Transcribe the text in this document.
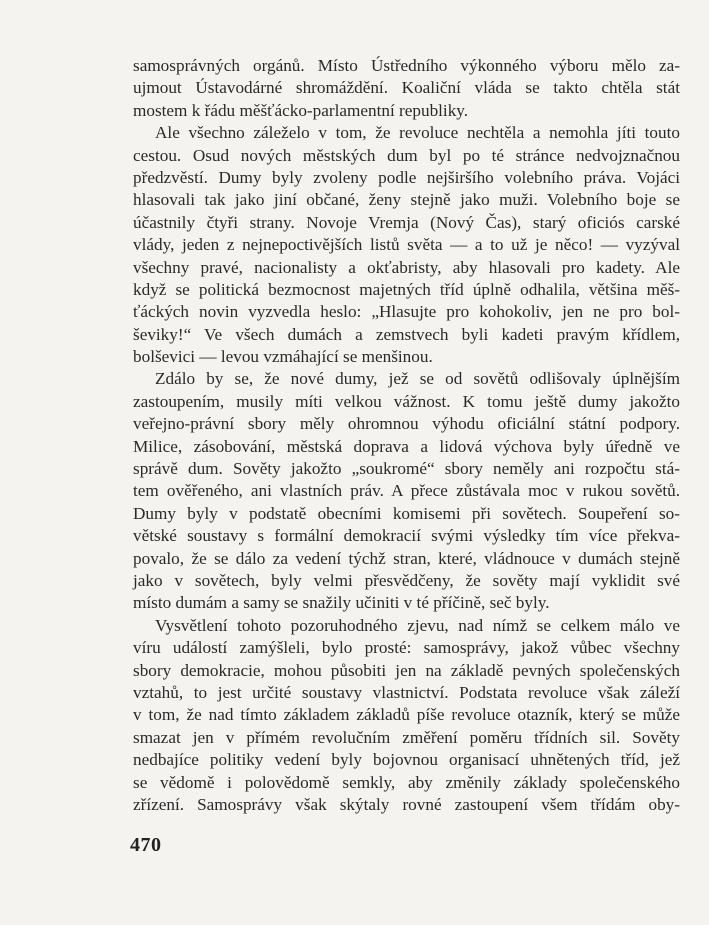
samosprávných orgánů. Místo Ústředního výkonného výboru mělo za-
ujmout Ústavodárné shromáždění. Koaliční vláda se takto chtěla stát
mostem k řádu měšťácko-parlamentní republiky.
Ale všechno záleželo v tom, že revoluce nechtěla a nemohla jíti touto
cestou. Osud nových městských dum byl po té stránce nedvojznačnou
předzvěstí. Dumy byly zvoleny podle nejširšího volebního práva. Vojáci
hlasovali tak jako jiní občané, ženy stejně jako muži. Volebního boje se
účastnily čtyři strany. Novoje Vremja (Nový Čas), starý oficiós carské
vlády, jeden z nejnepoctivějších listů světa — a to už je něco! — vyzýval
všechny pravé, nacionalisty a okťabristy, aby hlasovali pro kadety. Ale
když se politická bezmocnost majetných tříd úplně odhalila, většina měš-
ťáckých novin vyzvedla heslo: „Hlasujte pro kohokoliv, jen ne pro bol-
ševiky!“ Ve všech dumách a zemstvech byli kadeti pravým křídlem,
bolševici — levou vzmáhající se menšinou.
Zdálo by se, že nové dumy, jež se od sovětů odlišovaly úplnějším
zastoupením, musily míti velkou vážnost. K tomu ještě dumy jakožto
veřejno-právní sbory měly ohromnou výhodu oficiální státní podpory.
Milice, zásobování, městská doprava a lidová výchova byly úředně ve
správě dum. Sověty jakožto „soukromé“ sbory neměly ani rozpočtu stá-
tem ověřeného, ani vlastních práv. A přece zůstávala moc v rukou sovětů.
Dumy byly v podstatě obecními komisemi při sovětech. Soupeření so-
větské soustavy s formální demokracií svými výsledky tím více překva-
povalo, že se dálo za vedení týchž stran, které, vládnouce v dumách stejně
jako v sovětech, byly velmi přesvědčeny, že sověty mají vyklidit své
místo dumám a samy se snažily učiniti v té příčině, seč byly.
Vysvětlení tohoto pozoruhodného zjevu, nad nímž se celkem málo ve
víru událostí zamýšleli, bylo prosté: samosprávy, jakož vůbec všechny
sbory demokracie, mohou působiti jen na základě pevných společenských
vztahů, to jest určité soustavy vlastnictví. Podstata revoluce však záleží
v tom, že nad tímto základem základů píše revoluce otazník, který se může
smazat jen v přímém revolučním změření poměru třídních sil. Sověty
nedbajíce politiky vedení byly bojovnou organisací uhnětených tříd, jež
se vědomě i polovědomě semkly, aby změnily základy společenského
zřízení. Samosprávy však skýtaly rovné zastoupení všem třídám oby-
470
